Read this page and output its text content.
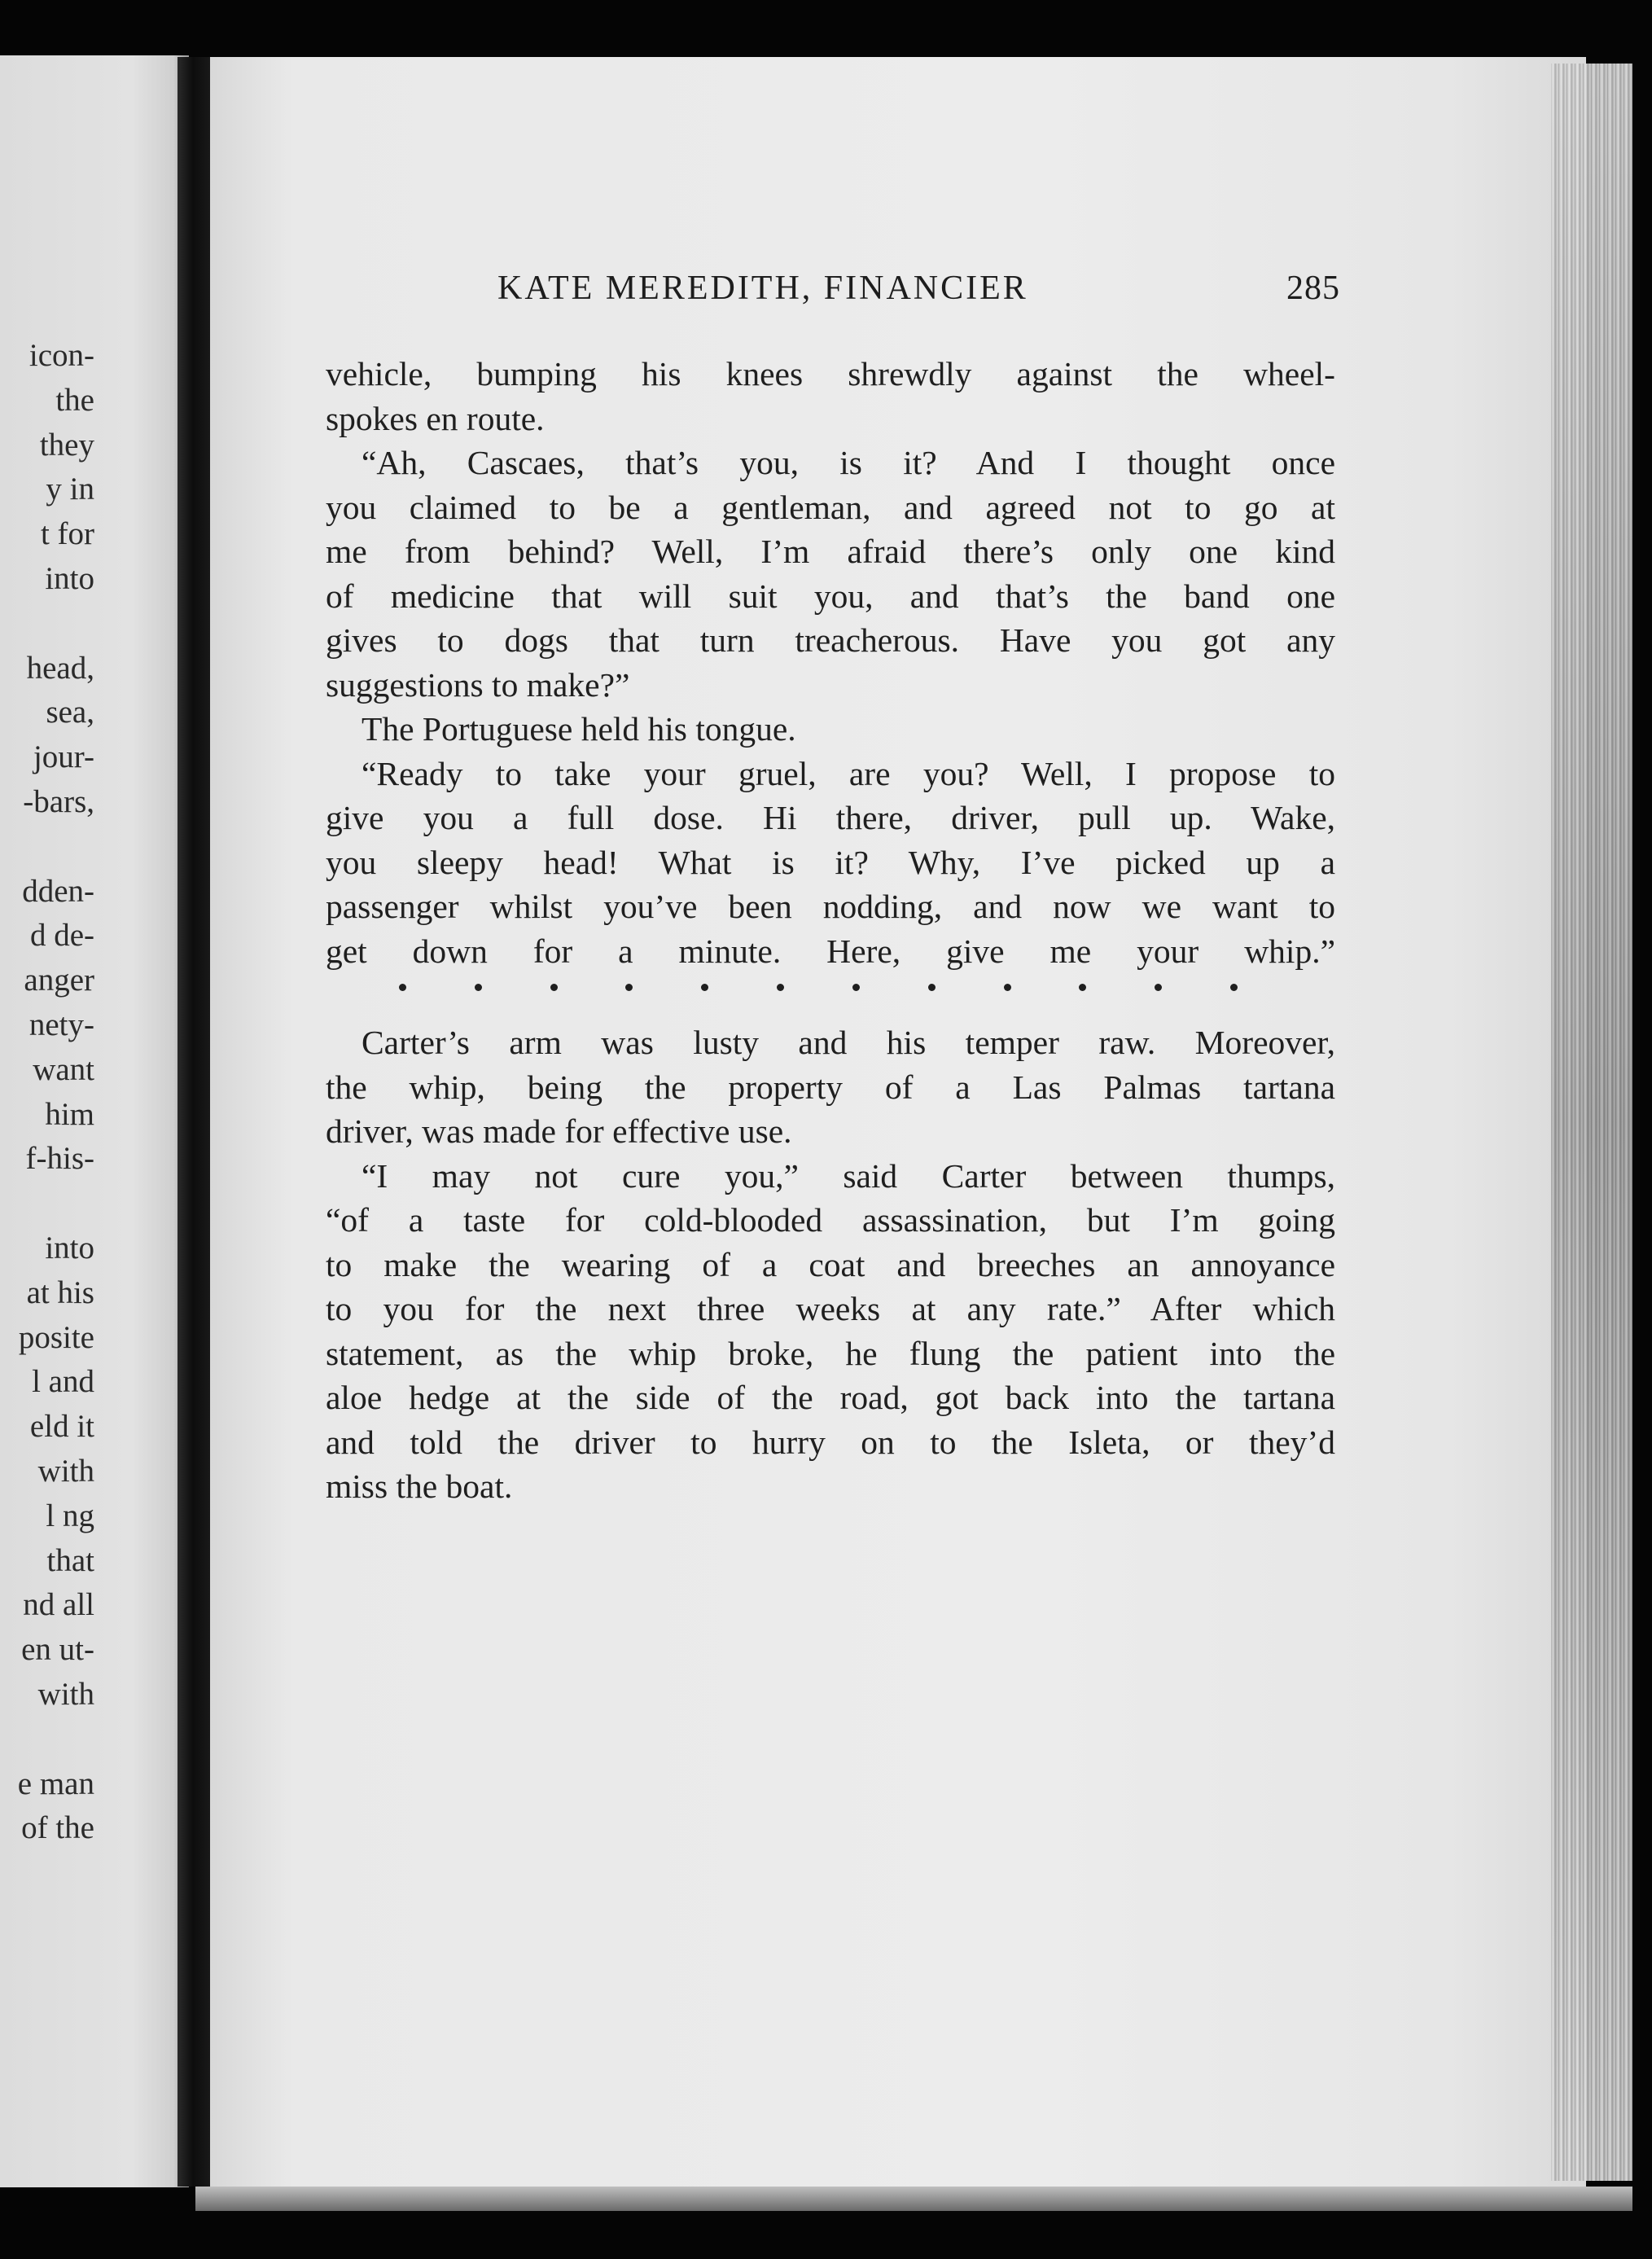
icon-
the
they
y in
t for
into
head,
sea,
jour-
-bars,
dden-
d de-
anger
nety-
want
him
f-his-
into
at his
posite
l and
eld it
with
l ng
that
nd all
en ut-
with
e man
of the
KATE MEREDITH, FINANCIER	285
vehicle, bumping his knees shrewdly against the wheel-
spokes en route.
“Ah, Cascaes, that’s you, is it? And I thought once
you claimed to be a gentleman, and agreed not to go at
me from behind? Well, I’m afraid there’s only one kind
of medicine that will suit you, and that’s the band one
gives to dogs that turn treacherous. Have you got any
suggestions to make?”
The Portuguese held his tongue.
“Ready to take your gruel, are you? Well, I propose to
give you a full dose. Hi there, driver, pull up. Wake,
you sleepy head! What is it? Why, I’ve picked up a
passenger whilst you’ve been nodding, and now we want to
get down for a minute. Here, give me your whip.”
Carter’s arm was lusty and his temper raw. Moreover,
the whip, being the property of a Las Palmas tartana
driver, was made for effective use.
“I may not cure you,” said Carter between thumps,
“of a taste for cold-blooded assassination, but I’m going
to make the wearing of a coat and breeches an annoyance
to you for the next three weeks at any rate.” After which
statement, as the whip broke, he flung the patient into the
aloe hedge at the side of the road, got back into the tartana
and told the driver to hurry on to the Isleta, or they’d
miss the boat.
